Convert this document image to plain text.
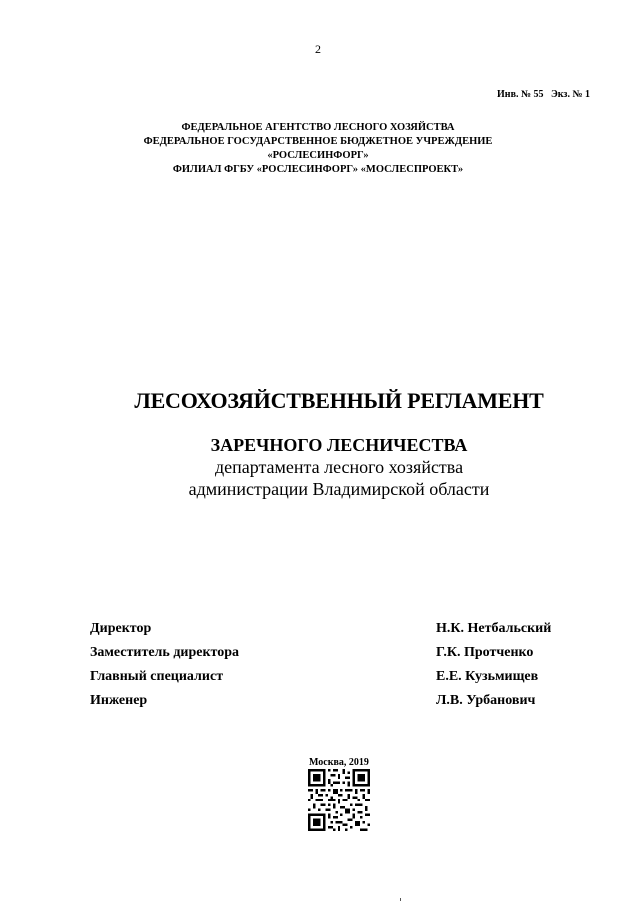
2
Инв. № 55   Экз. № 1
ФЕДЕРАЛЬНОЕ АГЕНТСТВО ЛЕСНОГО ХОЗЯЙСТВА
ФЕДЕРАЛЬНОЕ ГОСУДАРСТВЕННОЕ БЮДЖЕТНОЕ УЧРЕЖДЕНИЕ
«РОСЛЕСИНФОРГ»
ФИЛИАЛ ФГБУ «РОСЛЕСИНФОРГ» «МОСЛЕСПРОЕКТ»
ЛЕСОХОЗЯЙСТВЕННЫЙ РЕГЛАМЕНТ
ЗАРЕЧНОГО ЛЕСНИЧЕСТВА
департамента лесного хозяйства
администрации Владимирской области
Директор	Н.К. Нетбальский
Заместитель директора	Г.К. Протченко
Главный специалист	Е.Е. Кузьмищев
Инженер	Л.В. Урбанович
Москва, 2019
